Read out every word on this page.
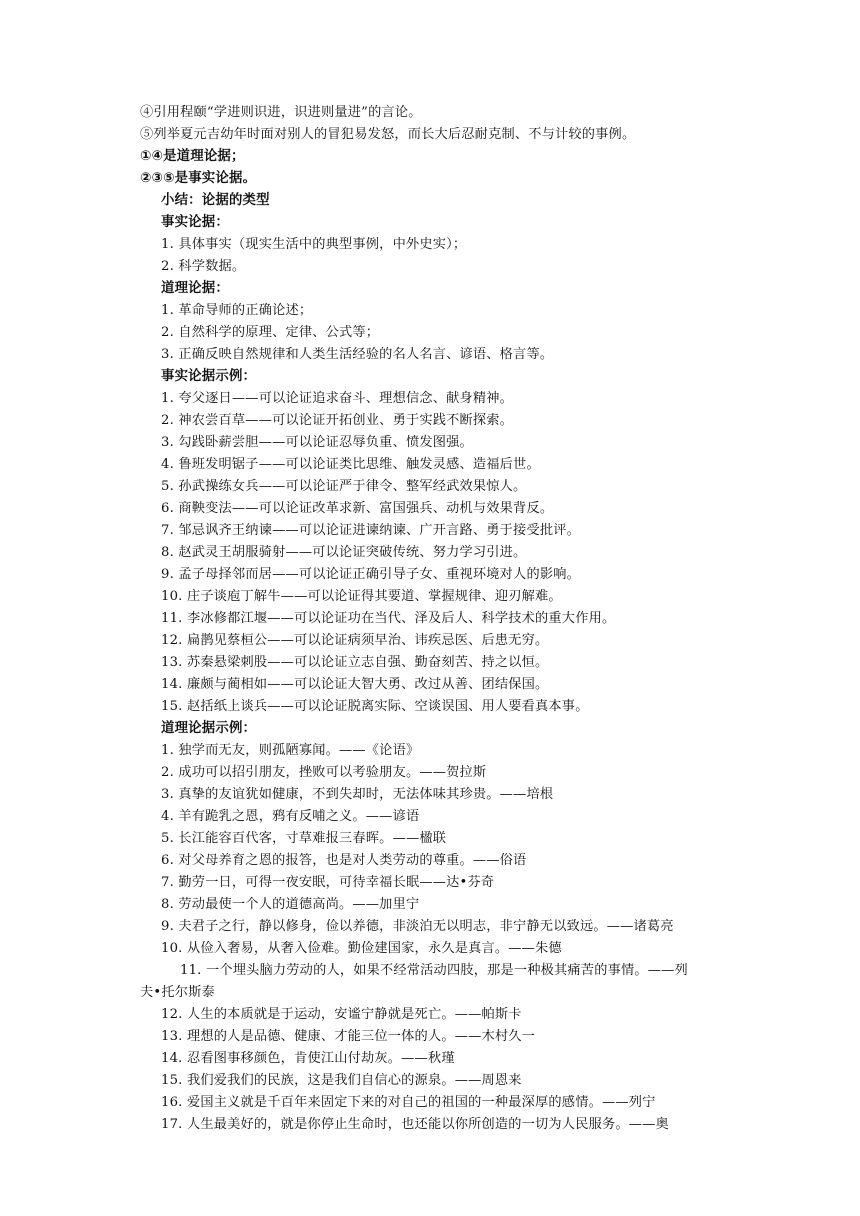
④引用程颐“学进则识进，识进则量进”的言论。
⑤列举夏元吉幼年时面对别人的冒犯易发怒，而长大后忍耐克制、不与计较的事例。
①④是道理论据；
②③⑤是事实论据。
小结：论据的类型
事实论据：
1. 具体事实（现实生活中的典型事例，中外史实）；
2. 科学数据。
道理论据：
1. 革命导师的正确论述；
2. 自然科学的原理、定律、公式等；
3. 正确反映自然规律和人类生活经验的名人名言、谚语、格言等。
事实论据示例：
1. 夸父逐日——可以论证追求奋斗、理想信念、献身精神。
2. 神农尝百草——可以论证开拓创业、勇于实践不断探索。
3. 勾践卧薪尝胆——可以论证忍辱负重、愤发图强。
4. 鲁班发明锯子——可以论证类比思维、触发灵感、造福后世。
5. 孙武操练女兵——可以论证严于律令、整军经武效果惊人。
6. 商鞅变法——可以论证改革求新、富国强兵、动机与效果背反。
7. 邹忌讽齐王纳谏——可以论证进谏纳谏、广开言路、勇于接受批评。
8. 赵武灵王胡服骑射——可以论证突破传统、努力学习引进。
9. 孟子母择邻而居——可以论证正确引导子女、重视环境对人的影响。
10. 庄子谈庖丁解牛——可以论证得其要道、掌握规律、迎刃解难。
11. 李冰修都江堰——可以论证功在当代、泽及后人、科学技术的重大作用。
12. 扁鹊见蔡桓公——可以论证病须早治、讳疾忌医、后患无穷。
13. 苏秦悬梁刺股——可以论证立志自强、勤奋刻苦、持之以恒。
14. 廉颇与蔺相如——可以论证大智大勇、改过从善、团结保国。
15. 赵括纸上谈兵——可以论证脱离实际、空谈误国、用人要看真本事。
道理论据示例：
1. 独学而无友，则孤陋寡闻。——《论语》
2. 成功可以招引朋友，挫败可以考验朋友。——贺拉斯
3. 真挚的友谊犹如健康，不到失却时，无法体味其珍贵。——培根
4. 羊有跪乳之恩，鸦有反哺之义。——谚语
5. 长江能容百代客，寸草难报三春晖。——楹联
6. 对父母养育之恩的报答，也是对人类劳动的尊重。——俗语
7. 勤劳一日，可得一夜安眠，可待幸福长眠——达•芬奇
8. 劳动最使一个人的道德高尚。——加里宁
9. 夫君子之行，静以修身，俭以养德，非淡泊无以明志，非宁静无以致远。——诸葛亮
10. 从俭入奢易，从奢入俭难。勤俭建国家，永久是真言。——朱德
11. 一个埋头脑力劳动的人，如果不经常活动四肢，那是一种极其痛苦的事情。——列
夫•托尔斯泰
12. 人生的本质就是于运动，安谧宁静就是死亡。——帕斯卡
13. 理想的人是品德、健康、才能三位一体的人。——木村久一
14. 忍看图事移颜色，肯使江山付劫灰。——秋瑾
15. 我们爱我们的民族，这是我们自信心的源泉。——周恩来
16. 爱国主义就是千百年来固定下来的对自己的祖国的一种最深厚的感情。——列宁
17. 人生最美好的，就是你停止生命时，也还能以你所创造的一切为人民服务。——奥
